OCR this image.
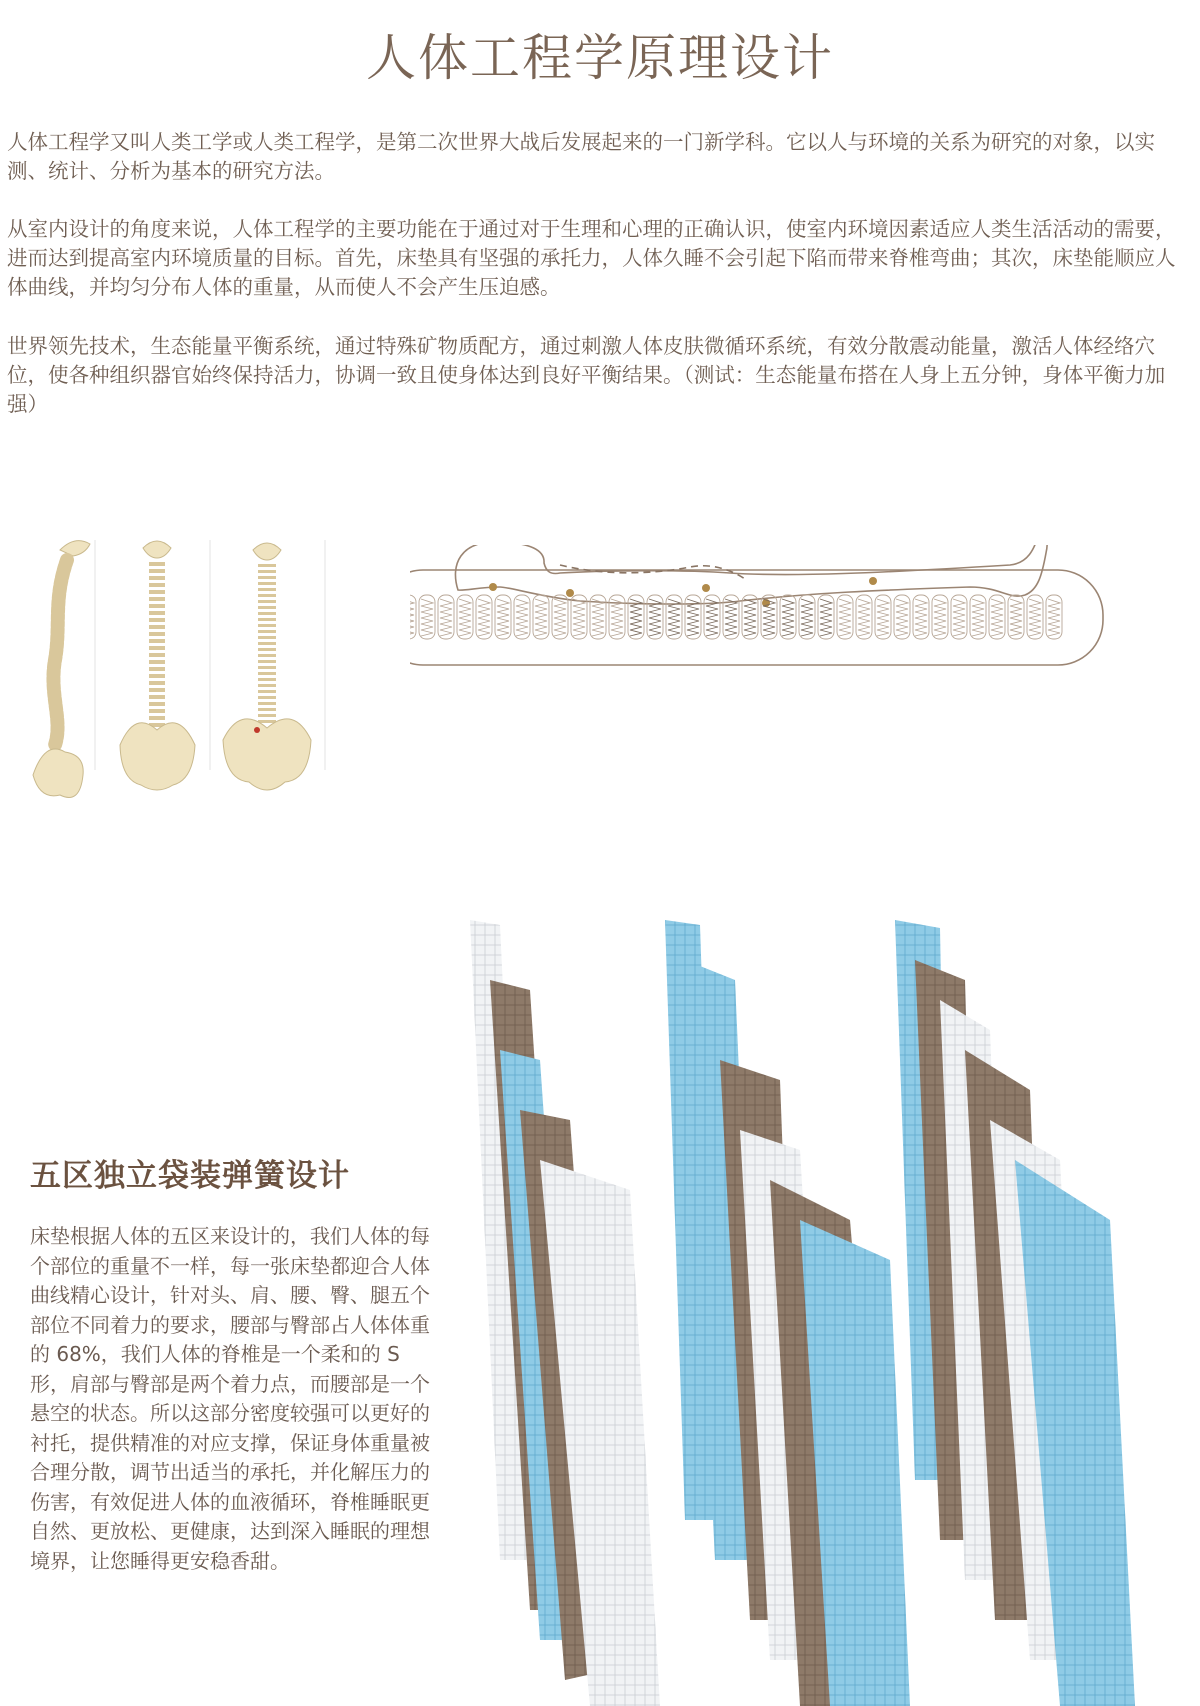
人体工程学原理设计

人体工程学又叫人类工学或人类工程学，是第二次世界大战后发展起来的一门新学科。它以人与环境的关系为研究的对象，以实测、统计、分析为基本的研究方法。

从室内设计的角度来说，人体工程学的主要功能在于通过对于生理和心理的正确认识，使室内环境因素适应人类生活活动的需要，进而达到提高室内环境质量的目标。首先，床垫具有坚强的承托力，人体久睡不会引起下陷而带来脊椎弯曲；其次，床垫能顺应人体曲线，并均匀分布人体的重量，从而使人不会产生压迫感。

世界领先技术，生态能量平衡系统，通过特殊矿物质配方，通过刺激人体皮肤微循环系统，有效分散震动能量，激活人体经络穴位，使各种组织器官始终保持活力，协调一致且使身体达到良好平衡结果。（测试：生态能量布搭在人身上五分钟，身体平衡力加强）

五区独立袋装弹簧设计

床垫根据人体的五区来设计的，我们人体的每个部位的重量不一样，每一张床垫都迎合人体曲线精心设计，针对头、肩、腰、臀、腿五个部位不同着力的要求，腰部与臀部占人体体重的 68%，我们人体的脊椎是一个柔和的 S 形，肩部与臀部是两个着力点，而腰部是一个悬空的状态。所以这部分密度较强可以更好的衬托，提供精准的对应支撑，保证身体重量被合理分散，调节出适当的承托，并化解压力的伤害，有效促进人体的血液循环，脊椎睡眠更自然、更放松、更健康，达到深入睡眠的理想境界，让您睡得更安稳香甜。
